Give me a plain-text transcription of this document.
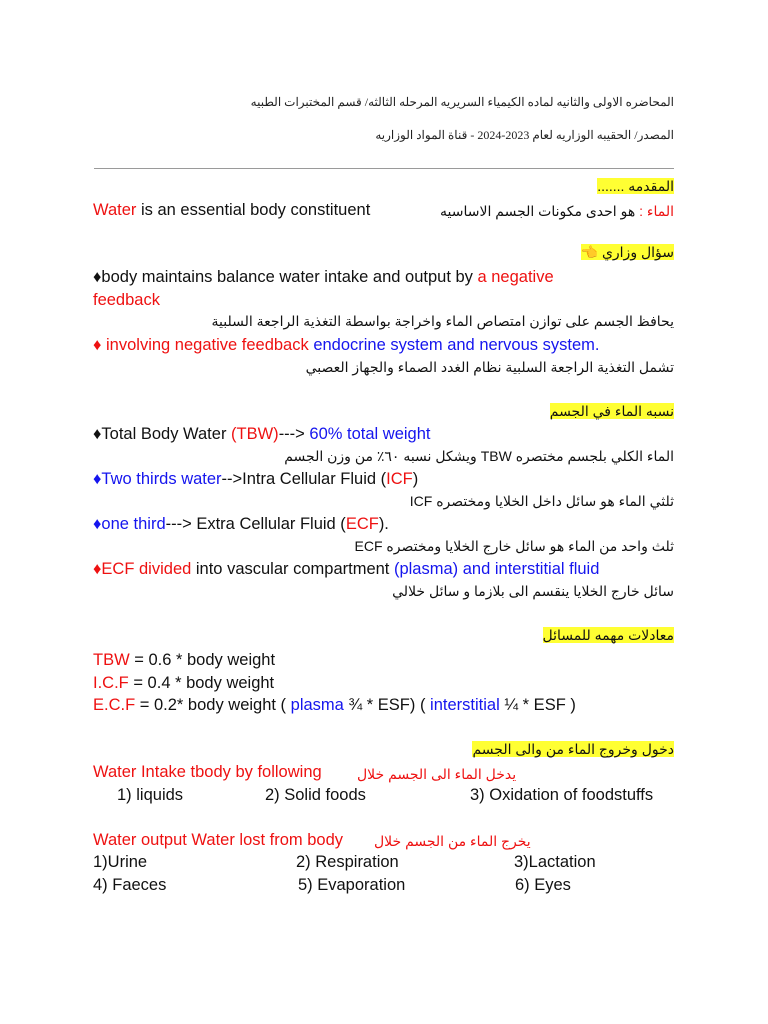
المحاضره الاولى والثانيه لماده الكيمياء السريريه المرحله الثالثه/ قسم المختبرات الطبيه
المصدر/ الحقيبه الوزاريه لعام 2023-2024 - قناة المواد الوزاريه
المقدمه .......
Water is an essential body constituent	الماء : هو احدى مكونات الجسم الاساسيه
سؤال وزاري 👈
♦body maintains balance water intake and output by a negative
feedback
يحافظ الجسم على توازن امتصاص الماء واخراجة بواسطة التغذية الراجعة السلبية
♦ involving negative feedback endocrine system and nervous system.
تشمل التغذية الراجعة السلبية نظام الغدد الصماء والجهاز العصبي
نسبه الماء في الجسم
♦Total Body Water (TBW)---> 60% total weight
الماء الكلي بلجسم مختصره TBW ويشكل نسبه ٦٠٪ من وزن الجسم
♦Two thirds water-->Intra Cellular Fluid (ICF)
ثلثي الماء هو سائل داخل الخلايا ومختصره ICF
♦one third---> Extra Cellular Fluid (ECF).
ثلث واحد من الماء هو سائل خارج الخلايا ومختصره ECF
♦ECF divided into vascular compartment (plasma) and interstitial fluid
سائل خارج الخلايا ينقسم الى بلازما و سائل خلالي
معادلات مهمه للمسائل
TBW = 0.6 * body weight
I.C.F = 0.4 * body weight
E.C.F = 0.2* body weight ( plasma ¾ * ESF) ( interstitial ¼ * ESF )
دخول وخروج الماء من والى الجسم
Water Intake tbody by following	يدخل الماء الى الجسم خلال
1) liquids	2) Solid foods	3) Oxidation of foodstuffs
Water output Water lost from body يخرج الماء من الجسم خلال
1)Urine	2) Respiration	3)Lactation
4) Faeces	5) Evaporation	6) Eyes
